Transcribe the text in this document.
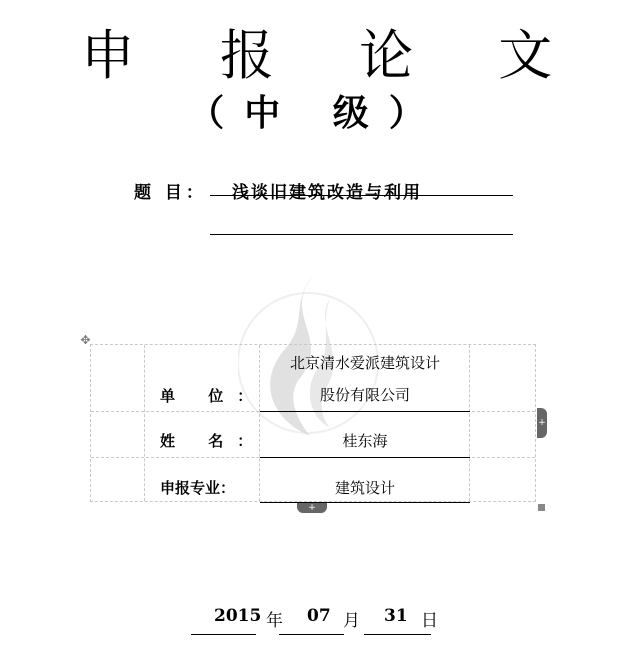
申 报 论 文
（中 级）
题 目： 浅谈旧建筑改造与利用
单 位：
北京清水爱派建筑设计
股份有限公司
姓 名：	桂东海
申报专业：	建筑设计
✥
+
+
2015 年 07 月 31 日
